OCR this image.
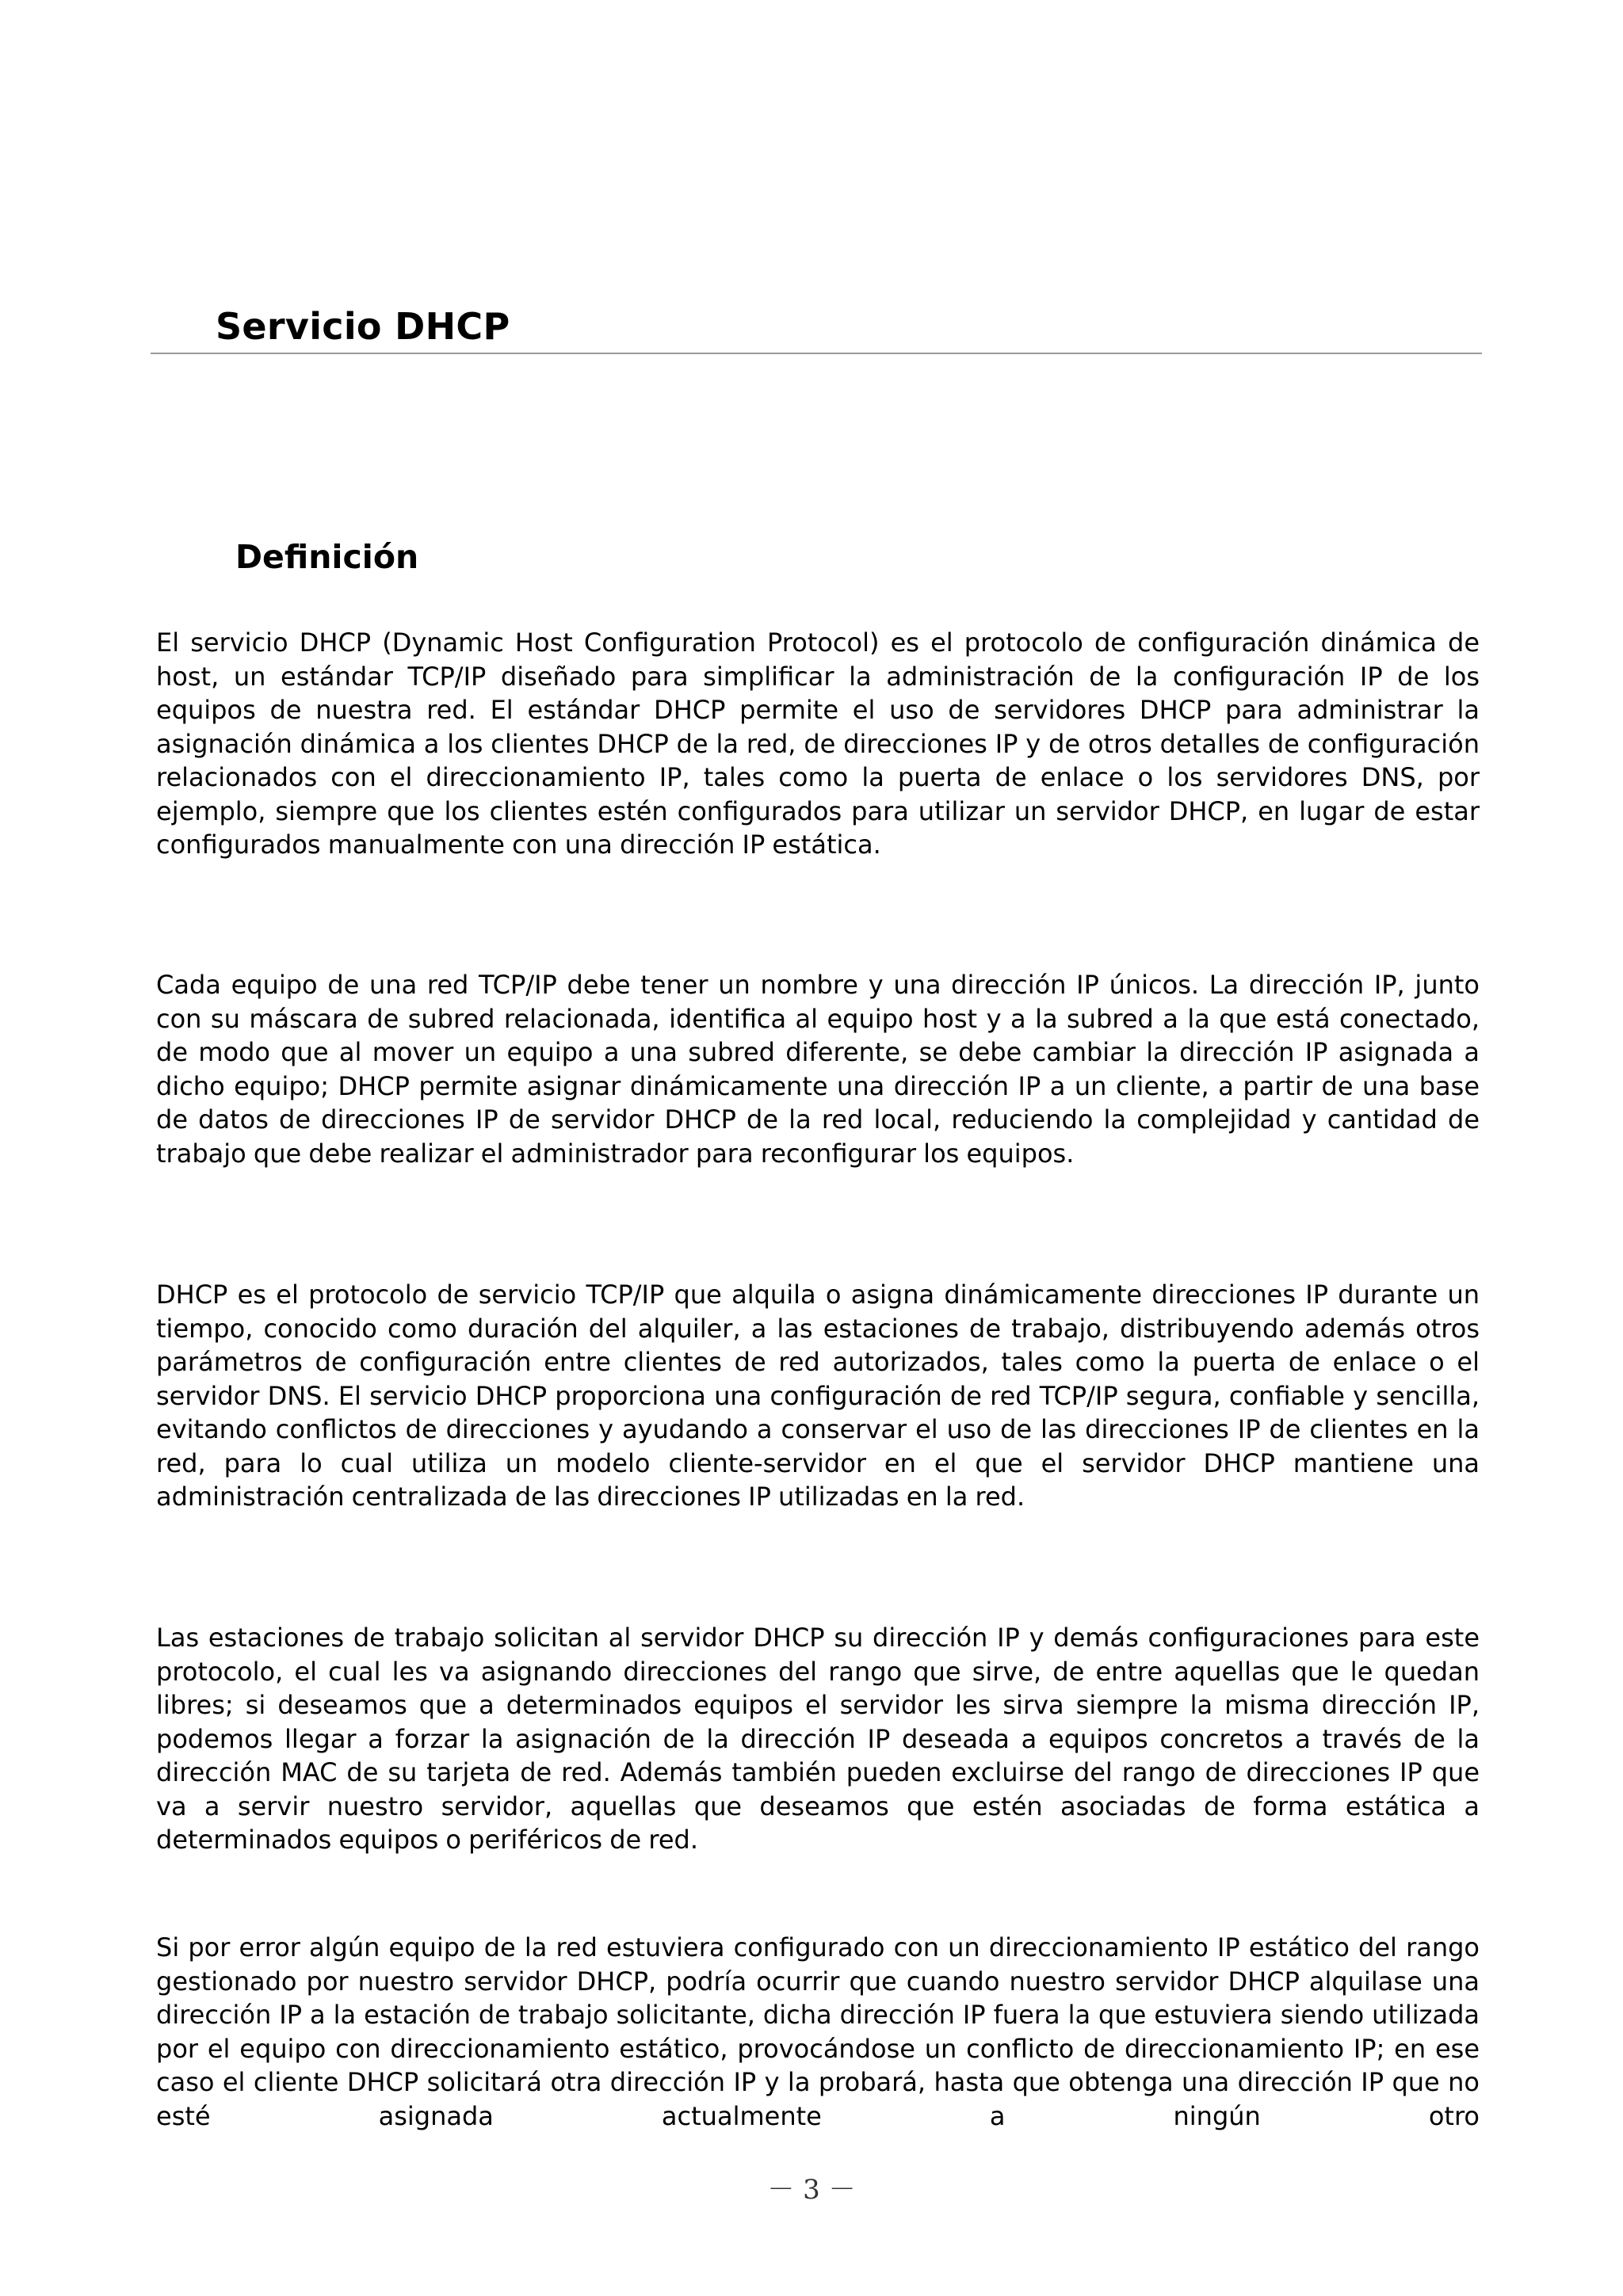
Servicio DHCP
Definición

El servicio DHCP (Dynamic Host Configuration Protocol) es el protocolo de configuración dinámica de host, un estándar TCP/IP diseñado para simplificar la administración de la configuración IP de los equipos de nuestra red. El estándar DHCP permite el uso de servidores DHCP para administrar la asignación dinámica a los clientes DHCP de la red, de direcciones IP y de otros detalles de configuración relacionados con el direccionamiento IP, tales como la puerta de enlace o los servidores DNS, por ejemplo, siempre que los clientes estén configurados para utilizar un servidor DHCP, en lugar de estar configurados manualmente con una dirección IP estática.

Cada equipo de una red TCP/IP debe tener un nombre y una dirección IP únicos. La dirección IP, junto con su máscara de subred relacionada, identifica al equipo host y a la subred a la que está conectado, de modo que al mover un equipo a una subred diferente, se debe cambiar la dirección IP asignada a dicho equipo; DHCP permite asignar dinámicamente una dirección IP a un cliente, a partir de una base de datos de direcciones IP de servidor DHCP de la red local, reduciendo la complejidad y cantidad de trabajo que debe realizar el administrador para reconfigurar los equipos.

DHCP es el protocolo de servicio TCP/IP que alquila o asigna dinámicamente direcciones IP durante un tiempo, conocido como duración del alquiler, a las estaciones de trabajo, distribuyendo además otros parámetros de configuración entre clientes de red autorizados, tales como la puerta de enlace o el servidor DNS. El servicio DHCP proporciona una configuración de red TCP/IP segura, confiable y sencilla, evitando conflictos de direcciones y ayudando a conservar el uso de las direcciones IP de clientes en la red, para lo cual utiliza un modelo cliente-servidor en el que el servidor DHCP mantiene una administración centralizada de las direcciones IP utilizadas en la red.

Las estaciones de trabajo solicitan al servidor DHCP su dirección IP y demás configuraciones para este protocolo, el cual les va asignando direcciones del rango que sirve, de entre aquellas que le quedan libres; si deseamos que a determinados equipos el servidor les sirva siempre la misma dirección IP, podemos llegar a forzar la asignación de la dirección IP deseada a equipos concretos a través de la dirección MAC de su tarjeta de red. Además también pueden excluirse del rango de direcciones IP que va a servir nuestro servidor, aquellas que deseamos que estén asociadas de forma estática a determinados equipos o periféricos de red.

Si por error algún equipo de la red estuviera configurado con un direccionamiento IP estático del rango gestionado por nuestro servidor DHCP, podría ocurrir que cuando nuestro servidor DHCP alquilase una dirección IP a la estación de trabajo solicitante, dicha dirección IP fuera la que estuviera siendo utilizada por el equipo con direccionamiento estático, provocándose un conflicto de direccionamiento IP; en ese caso el cliente DHCP solicitará otra dirección IP y la probará, hasta que obtenga una dirección IP que no esté asignada actualmente a ningún otro

－ 3 －
